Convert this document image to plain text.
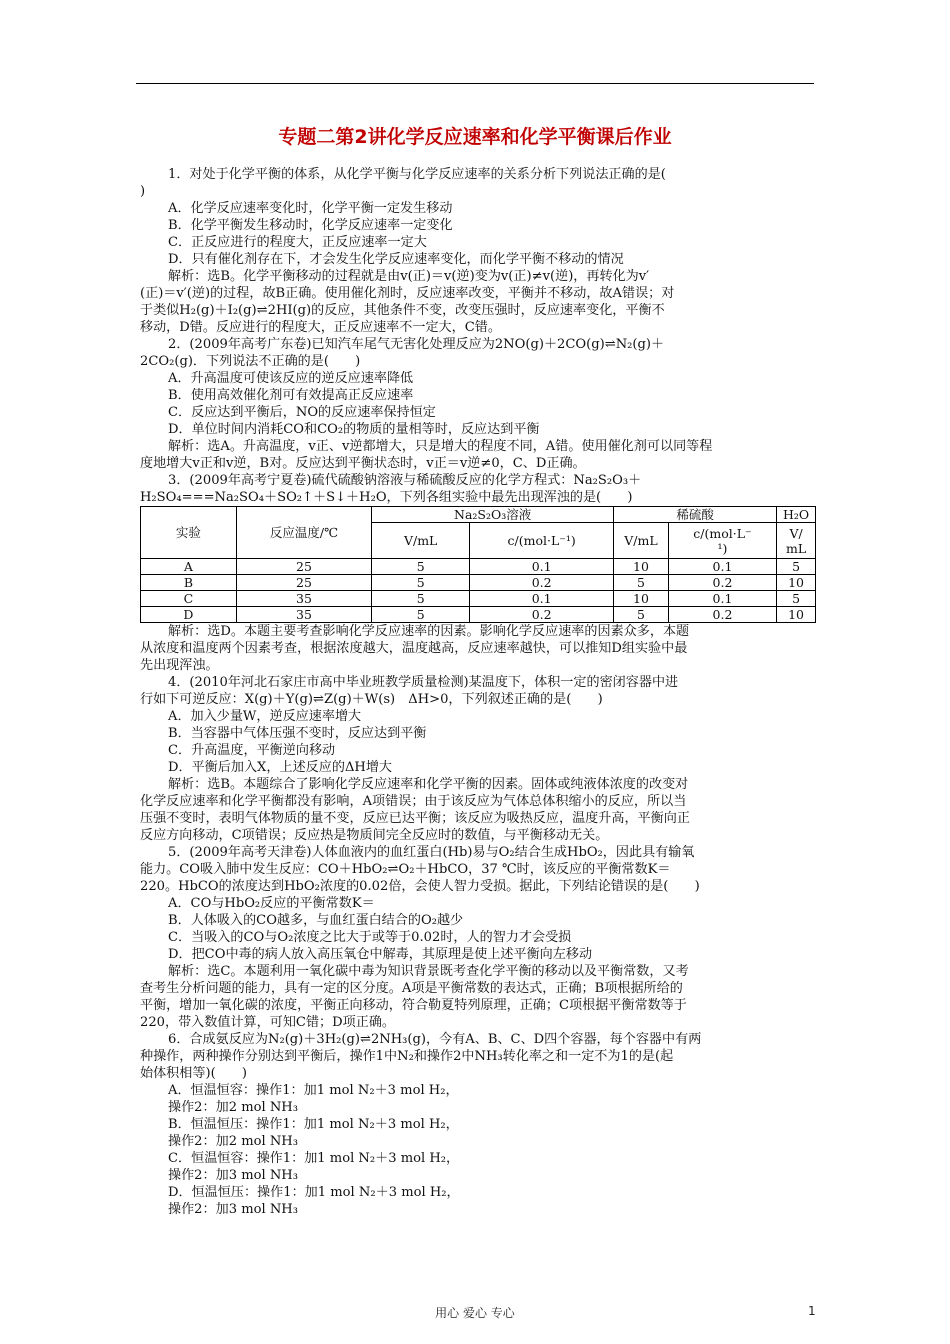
专题二第2讲化学反应速率和化学平衡课后作业
1．对处于化学平衡的体系，从化学平衡与化学反应速率的关系分析下列说法正确的是(
)
A．化学反应速率变化时，化学平衡一定发生移动
B．化学平衡发生移动时，化学反应速率一定变化
C．正反应进行的程度大，正反应速率一定大
D．只有催化剂存在下，才会发生化学反应速率变化，而化学平衡不移动的情况
解析：选B。化学平衡移动的过程就是由v(正)＝v(逆)变为v(正)≠v(逆)，再转化为v′
(正)＝v′(逆)的过程，故B正确。使用催化剂时，反应速率改变，平衡并不移动，故A错误；对
于类似H₂(g)＋I₂(g)⇌2HI(g)的反应，其他条件不变，改变压强时，反应速率变化，平衡不
移动，D错。反应进行的程度大，正反应速率不一定大，C错。
2．(2009年高考广东卷)已知汽车尾气无害化处理反应为2NO(g)＋2CO(g)⇌N₂(g)＋
2CO₂(g)．下列说法不正确的是(　　)
A．升高温度可使该反应的逆反应速率降低
B．使用高效催化剂可有效提高正反应速率
C．反应达到平衡后，NO的反应速率保持恒定
D．单位时间内消耗CO和CO₂的物质的量相等时，反应达到平衡
解析：选A。升高温度，v正、v逆都增大，只是增大的程度不同，A错。使用催化剂可以同等程
度地增大v正和v逆，B对。反应达到平衡状态时，v正＝v逆≠0，C、D正确。
3．(2009年高考宁夏卷)硫代硫酸钠溶液与稀硫酸反应的化学方程式：Na₂S₂O₃＋
H₂SO₄===Na₂SO₄＋SO₂↑＋S↓＋H₂O，下列各组实验中最先出现浑浊的是(　　)
实验	反应温度/℃	Na₂S₂O₃溶液		稀硫酸		H₂O
		V/mL	c/(mol·L⁻¹)	V/mL	c/(mol·L⁻
¹)	V/
mL
A	25	5	0.1	10	0.1	5
B	25	5	0.2	5	0.2	10
C	35	5	0.1	10	0.1	5
D	35	5	0.2	5	0.2	10
解析：选D。本题主要考查影响化学反应速率的因素。影响化学反应速率的因素众多，本题
从浓度和温度两个因素考查，根据浓度越大，温度越高，反应速率越快，可以推知D组实验中最
先出现浑浊。
4．(2010年河北石家庄市高中毕业班教学质量检测)某温度下，体积一定的密闭容器中进
行如下可逆反应：X(g)＋Y(g)⇌Z(g)＋W(s)　ΔH>0，下列叙述正确的是(　　)
A．加入少量W，逆反应速率增大
B．当容器中气体压强不变时，反应达到平衡
C．升高温度，平衡逆向移动
D．平衡后加入X，上述反应的ΔH增大
解析：选B。本题综合了影响化学反应速率和化学平衡的因素。固体或纯液体浓度的改变对
化学反应速率和化学平衡都没有影响，A项错误；由于该反应为气体总体积缩小的反应，所以当
压强不变时，表明气体物质的量不变，反应已达平衡；该反应为吸热反应，温度升高，平衡向正
反应方向移动，C项错误；反应热是物质间完全反应时的数值，与平衡移动无关。
5．(2009年高考天津卷)人体血液内的血红蛋白(Hb)易与O₂结合生成HbO₂，因此具有输氧
能力。CO吸入肺中发生反应：CO＋HbO₂⇌O₂＋HbCO，37 ℃时，该反应的平衡常数K＝
220。HbCO的浓度达到HbO₂浓度的0.02倍，会使人智力受损。据此，下列结论错误的是(　　)
A．CO与HbO₂反应的平衡常数K＝
B．人体吸入的CO越多，与血红蛋白结合的O₂越少
C．当吸入的CO与O₂浓度之比大于或等于0.02时，人的智力才会受损
D．把CO中毒的病人放入高压氧仓中解毒，其原理是使上述平衡向左移动
解析：选C。本题利用一氧化碳中毒为知识背景既考查化学平衡的移动以及平衡常数，又考
查考生分析问题的能力，具有一定的区分度。A项是平衡常数的表达式，正确；B项根据所给的
平衡，增加一氧化碳的浓度，平衡正向移动，符合勒夏特列原理，正确；C项根据平衡常数等于
220，带入数值计算，可知C错；D项正确。
6．合成氨反应为N₂(g)＋3H₂(g)⇌2NH₃(g)，今有A、B、C、D四个容器，每个容器中有两
种操作，两种操作分别达到平衡后，操作1中N₂和操作2中NH₃转化率之和一定不为1的是(起
始体积相等)(　　)
A．恒温恒容：操作1：加1 mol N₂＋3 mol H₂，
操作2：加2 mol NH₃
B．恒温恒压：操作1：加1 mol N₂＋3 mol H₂，
操作2：加2 mol NH₃
C．恒温恒容：操作1：加1 mol N₂＋3 mol H₂，
操作2：加3 mol NH₃
D．恒温恒压：操作1：加1 mol N₂＋3 mol H₂，
操作2：加3 mol NH₃
用心 爱心 专心	1
